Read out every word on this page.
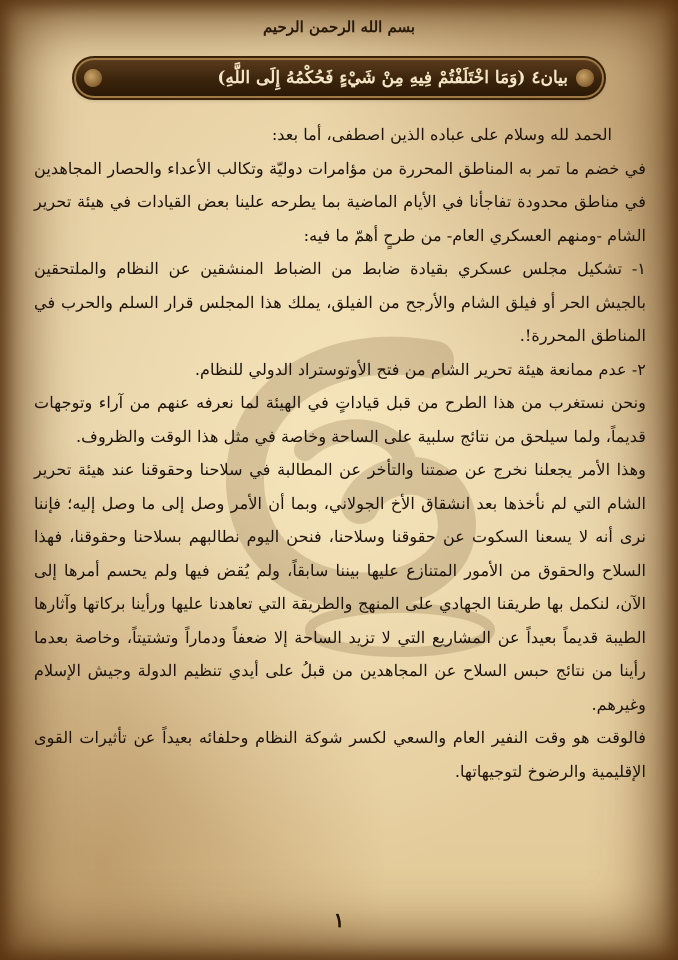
بسم الله الرحمن الرحيم
بيان٤ (وَمَا اخْتَلَفْتُمْ فِيهِ مِنْ شَيْءٍ فَحُكْمُهُ إِلَى اللَّهِ)

الحمد لله وسلام على عباده الذين اصطفى، أما بعد:

في خضم ما تمر به المناطق المحررة من مؤامرات دوليّة وتكالب الأعداء والحصار المجاهدين في مناطق محدودة تفاجأنا في الأيام الماضية بما يطرحه علينا بعض القيادات في هيئة تحرير الشام -ومنهم العسكري العام- من طرحٍ أهمّ ما فيه:

١- تشكيل مجلس عسكري بقيادة ضابط من الضباط المنشقين عن النظام والملتحقين بالجيش الحر أو فيلق الشام والأرجح من الفيلق، يملك هذا المجلس قرار السلم والحرب في المناطق المحررة!.

٢- عدم ممانعة هيئة تحرير الشام من فتح الأوتوستراد الدولي للنظام.

ونحن نستغرب من هذا الطرح من قبل قياداتٍ في الهيئة لما نعرفه عنهم من آراء وتوجهات قديماً، ولما سيلحق من نتائج سلبية على الساحة وخاصة في مثل هذا الوقت والظروف.

وهذا الأمر يجعلنا نخرج عن صمتنا والتأخر عن المطالبة في سلاحنا وحقوقنا عند هيئة تحرير الشام التي لم نأخذها بعد انشقاق الأخ الجولاني، وبما أن الأمر وصل إلى ما وصل إليه؛ فإننا نرى أنه لا يسعنا السكوت عن حقوقنا وسلاحنا، فنحن اليوم نطالبهم بسلاحنا وحقوقنا، فهذا السلاح والحقوق من الأمور المتنازع عليها بيننا سابقاً، ولم يُقض فيها ولم يحسم أمرها إلى الآن، لنكمل بها طريقنا الجهادي على المنهج والطريقة التي تعاهدنا عليها ورأينا بركاتها وآثارها الطيبة قديماً بعيداً عن المشاريع التي لا تزيد الساحة إلا ضعفاً ودماراً وتشتيتاً، وخاصة بعدما رأينا من نتائج حبس السلاح عن المجاهدين من قبلُ على أيدي تنظيم الدولة وجيش الإسلام وغيرهم.

فالوقت هو وقت النفير العام والسعي لكسر شوكة النظام وحلفائه بعيداً عن تأثيرات القوى الإقليمية والرضوخ لتوجيهاتها.

١
